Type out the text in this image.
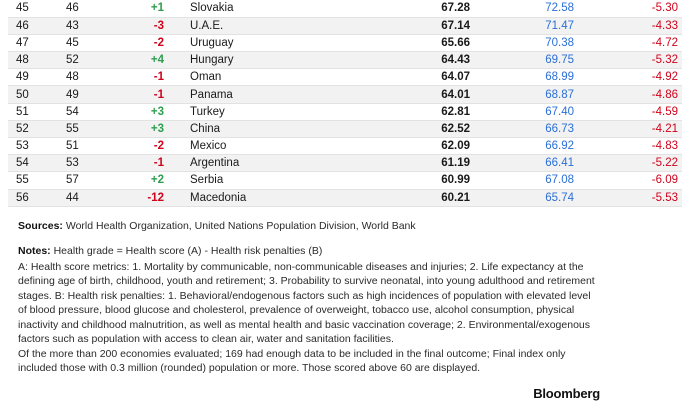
45	46	+1	Slovakia	67.28	72.58	-5.30
46	43	-3	U.A.E.	67.14	71.47	-4.33
47	45	-2	Uruguay	65.66	70.38	-4.72
48	52	+4	Hungary	64.43	69.75	-5.32
49	48	-1	Oman	64.07	68.99	-4.92
50	49	-1	Panama	64.01	68.87	-4.86
51	54	+3	Turkey	62.81	67.40	-4.59
52	55	+3	China	62.52	66.73	-4.21
53	51	-2	Mexico	62.09	66.92	-4.83
54	53	-1	Argentina	61.19	66.41	-5.22
55	57	+2	Serbia	60.99	67.08	-6.09
56	44	-12	Macedonia	60.21	65.74	-5.53
Sources: World Health Organization, United Nations Population Division, World Bank
Notes: Health grade = Health score (A) - Health risk penalties (B)

A: Health score metrics: 1. Mortality by communicable, non-communicable diseases and injuries; 2. Life expectancy at the defining age of birth, childhood, youth and retirement; 3. Probability to survive neonatal, into young adulthood and retirement stages. B: Health risk penalties: 1. Behavioral/endogenous factors such as high incidences of population with elevated level of blood pressure, blood glucose and cholesterol, prevalence of overweight, tobacco use, alcohol consumption, physical inactivity and childhood malnutrition, as well as mental health and basic vaccination coverage; 2. Environmental/exogenous factors such as population with access to clean air, water and sanitation facilities.

Of the more than 200 economies evaluated; 169 had enough data to be included in the final outcome; Final index only included those with 0.3 million (rounded) population or more. Those scored above 60 are displayed.

Bloomberg
